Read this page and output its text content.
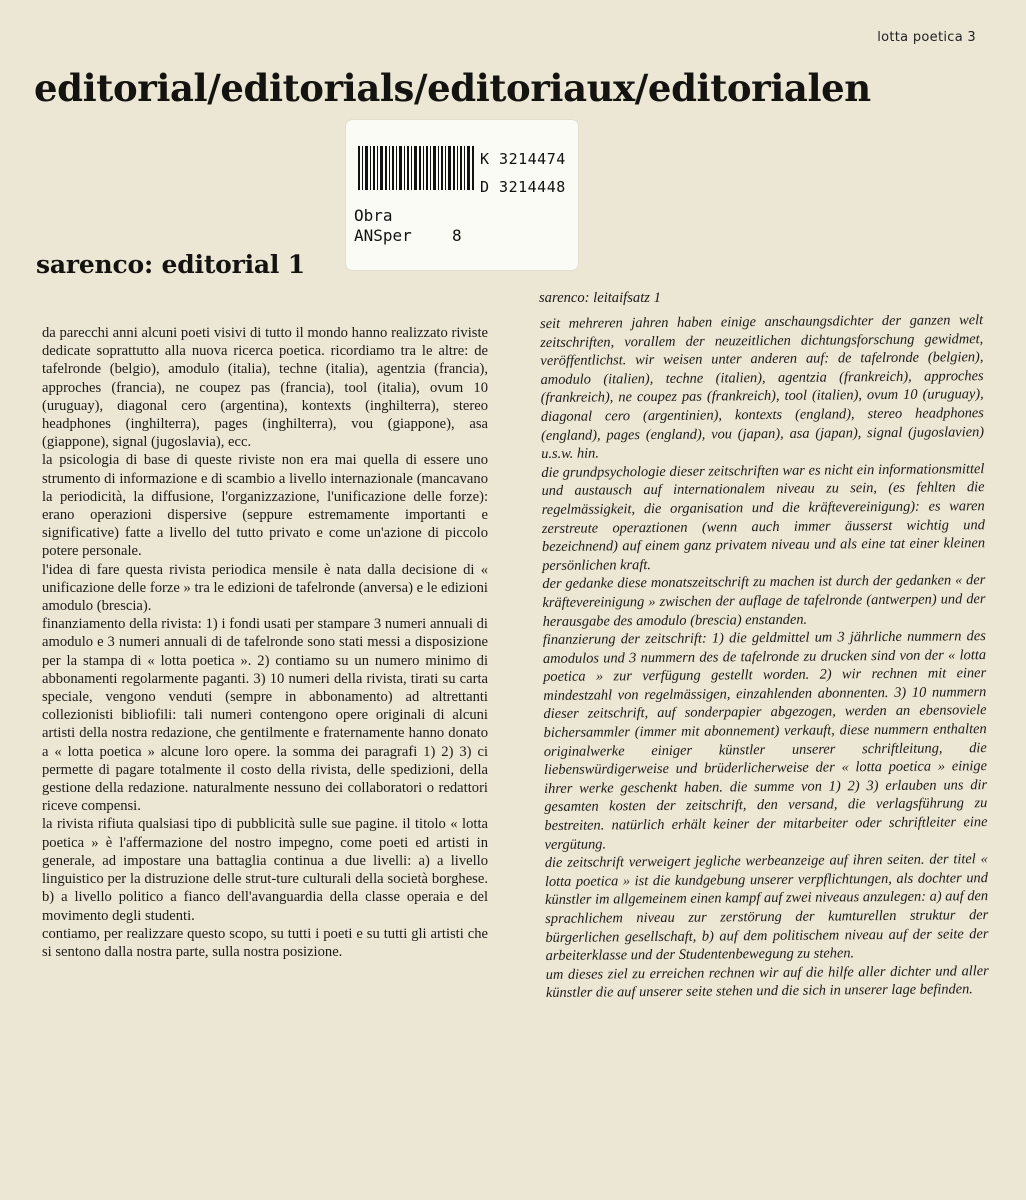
lotta poetica 3
editorial/editorials/editoriaux/editorialen
K 3214474
D 3214448
Obra
ANSper	8
sarenco: editorial 1

da parecchi anni alcuni poeti visivi di tutto il mondo hanno realizzato riviste dedicate soprattutto alla nuova ricerca poetica. ricordiamo tra le altre: de tafelronde (belgio), amodulo (italia), techne (italia), agentzia (francia), approches (francia), ne coupez pas (francia), tool (italia), ovum 10 (uruguay), diagonal cero (argentina), kontexts (inghilterra), stereo headphones (inghilterra), pages (inghilterra), vou (giappone), asa (giappone), signal (jugoslavia), ecc.

la psicologia di base di queste riviste non era mai quella di essere uno strumento di informazione e di scambio a livello internazionale (mancavano la periodicità, la diffusione, l'organizzazione, l'unificazione delle forze): erano operazioni dispersive (seppure estremamente importanti e significative) fatte a livello del tutto privato e come un'azione di piccolo potere personale.

l'idea di fare questa rivista periodica mensile è nata dalla decisione di « unificazione delle forze » tra le edizioni de tafelronde (anversa) e le edizioni amodulo (brescia).

finanziamento della rivista: 1) i fondi usati per stampare 3 numeri annuali di amodulo e 3 numeri annuali di de tafelronde sono stati messi a disposizione per la stampa di « lotta poetica ». 2) contiamo su un numero minimo di abbonamenti regolarmente paganti. 3) 10 numeri della rivista, tirati su carta speciale, vengono venduti (sempre in abbonamento) ad altrettanti collezionisti bibliofili: tali numeri contengono opere originali di alcuni artisti della nostra redazione, che gentilmente e fraternamente hanno donato a « lotta poetica » alcune loro opere. la somma dei paragrafi 1) 2) 3) ci permette di pagare totalmente il costo della rivista, delle spedizioni, della gestione della redazione. naturalmente nessuno dei collaboratori o redattori riceve compensi.

la rivista rifiuta qualsiasi tipo di pubblicità sulle sue pagine. il titolo « lotta poetica » è l'affermazione del nostro impegno, come poeti ed artisti in generale, ad impostare una battaglia continua a due livelli: a) a livello linguistico per la distruzione delle strut-ture culturali della società borghese. b) a livello politico a fianco dell'avanguardia della classe operaia e del movimento degli studenti.

contiamo, per realizzare questo scopo, su tutti i poeti e su tutti gli artisti che si sentono dalla nostra parte, sulla nostra posizione.

sarenco: leitaifsatz 1

seit mehreren jahren haben einige anschaungsdichter der ganzen welt zeitschriften, vorallem der neuzeitlichen dichtungsforschung gewidmet, veröffentlichst. wir weisen unter anderen auf: de tafelronde (belgien), amodulo (italien), techne (italien), agentzia (frankreich), approches (frankreich), ne coupez pas (frankreich), tool (italien), ovum 10 (uruguay), diagonal cero (argentinien), kontexts (england), stereo headphones (england), pages (england), vou (japan), asa (japan), signal (jugoslavien) u.s.w. hin.

die grundpsychologie dieser zeitschriften war es nicht ein informationsmittel und austausch auf internationalem niveau zu sein, (es fehlten die regelmässigkeit, die organisation und die kräftevereinigung): es waren zerstreute operaztionen (wenn auch immer äusserst wichtig und bezeichnend) auf einem ganz privatem niveau und als eine tat einer kleinen persönlichen kraft.

der gedanke diese monatszeitschrift zu machen ist durch der gedanken « der kräftevereinigung » zwischen der auflage de tafelronde (antwerpen) und der herausgabe des amodulo (brescia) enstanden.

finanzierung der zeitschrift: 1) die geldmittel um 3 jährliche nummern des amodulos und 3 nummern des de tafelronde zu drucken sind von der « lotta poetica » zur verfügung gestellt worden. 2) wir rechnen mit einer mindestzahl von regelmässigen, einzahlenden abonnenten. 3) 10 nummern dieser zeitschrift, auf sonderpapier abgezogen, werden an ebensoviele bichersammler (immer mit abonnement) verkauft, diese nummern enthalten originalwerke einiger künstler unserer schriftleitung, die liebenswürdigerweise und brüderlicherweise der « lotta poetica » einige ihrer werke geschenkt haben. die summe von 1) 2) 3) erlauben uns dir gesamten kosten der zeitschrift, den versand, die verlagsführung zu bestreiten. natürlich erhält keiner der mitarbeiter oder schriftleiter eine vergütung.

die zeitschrift verweigert jegliche werbeanzeige auf ihren seiten. der titel « lotta poetica » ist die kundgebung unserer verpflichtungen, als dochter und künstler im allgemeinem einen kampf auf zwei niveaus anzulegen: a) auf den sprachlichem niveau zur zerstörung der kumturellen struktur der bürgerlichen gesellschaft, b) auf dem politischem niveau auf der seite der arbeiterklasse und der Studentenbewegung zu stehen.

um dieses ziel zu erreichen rechnen wir auf die hilfe aller dichter und aller künstler die auf unserer seite stehen und die sich in unserer lage befinden.
